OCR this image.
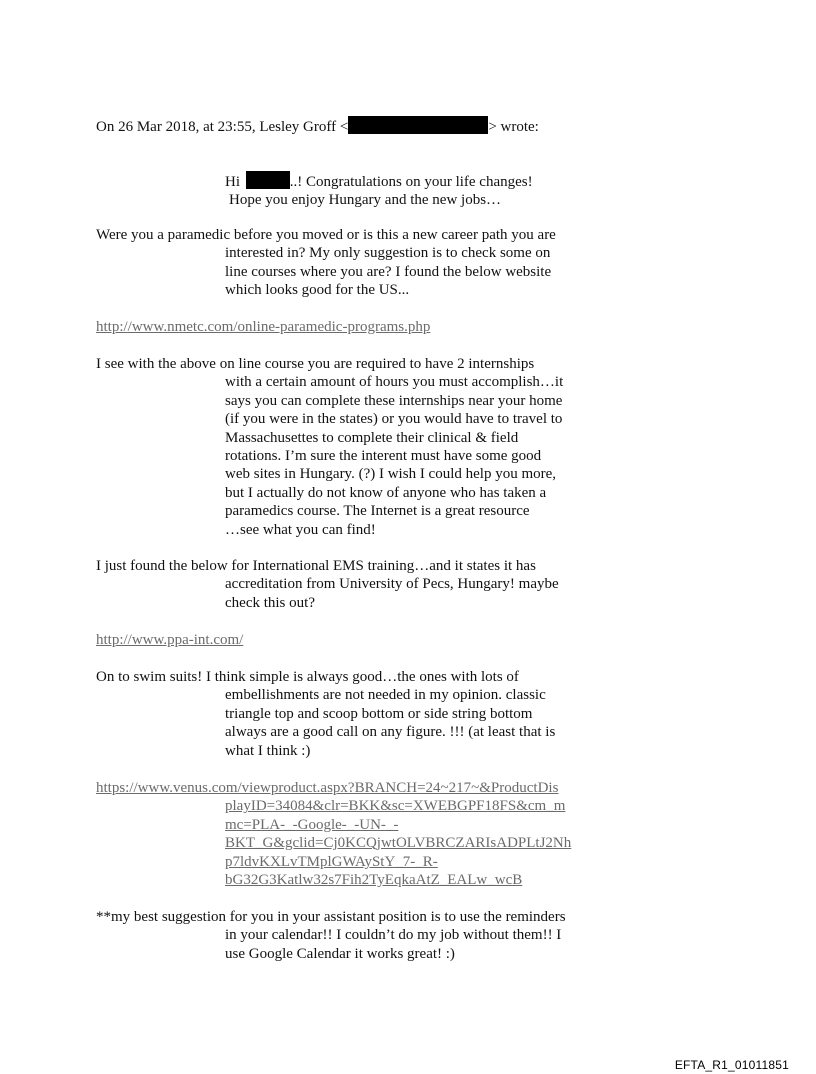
On 26 Mar 2018, at 23:55, Lesley Groff <	> wrote:
Hi	..! Congratulations on your life changes!
Hope you enjoy Hungary and the new jobs…
Were you a paramedic before you moved or is this a new career path you are
interested in? My only suggestion is to check some on
line courses where you are? I found the below website
which looks good for the US...
http://www.nmetc.com/online-paramedic-programs.php
I see with the above on line course you are required to have 2 internships
with a certain amount of hours you must accomplish…it
says you can complete these internships near your home
(if you were in the states) or you would have to travel to
Massachusettes to complete their clinical & field
rotations. I’m sure the interent must have some good
web sites in Hungary. (?) I wish I could help you more,
but I actually do not know of anyone who has taken a
paramedics course. The Internet is a great resource
…see what you can find!
I just found the below for International EMS training…and it states it has
accreditation from University of Pecs, Hungary! maybe
check this out?
http://www.ppa-int.com/
On to swim suits! I think simple is always good…the ones with lots of
embellishments are not needed in my opinion. classic
triangle top and scoop bottom or side string bottom
always are a good call on any figure. !!! (at least that is
what I think :)
https://www.venus.com/viewproduct.aspx?BRANCH=24~217~&ProductDis
playID=34084&clr=BKK&sc=XWEBGPF18FS&cm_m
mc=PLA-_-Google-_-UN-_-
BKT_G&gclid=Cj0KCQjwtOLVBRCZARIsADPLtJ2Nh
p7ldvKXLvTMplGWAyStY_7-_R-
bG32G3Katlw32s7Fih2TyEqkaAtZ_EALw_wcB
**my best suggestion for you in your assistant position is to use the reminders
in your calendar!! I couldn’t do my job without them!! I
use Google Calendar it works great! :)
EFTA_R1_01011851
